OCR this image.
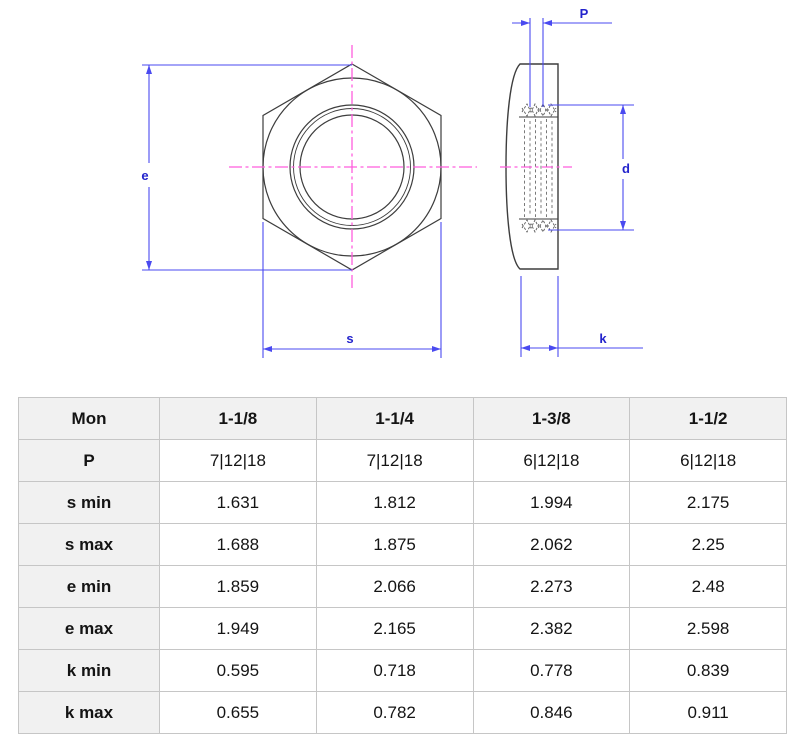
e
s
P
d
k
Mon	1-1/8	1-1/4	1-3/8	1-1/2
P	7|12|18	7|12|18	6|12|18	6|12|18
s min	1.631	1.812	1.994	2.175
s max	1.688	1.875	2.062	2.25
e min	1.859	2.066	2.273	2.48
e max	1.949	2.165	2.382	2.598
k min	0.595	0.718	0.778	0.839
k max	0.655	0.782	0.846	0.911
